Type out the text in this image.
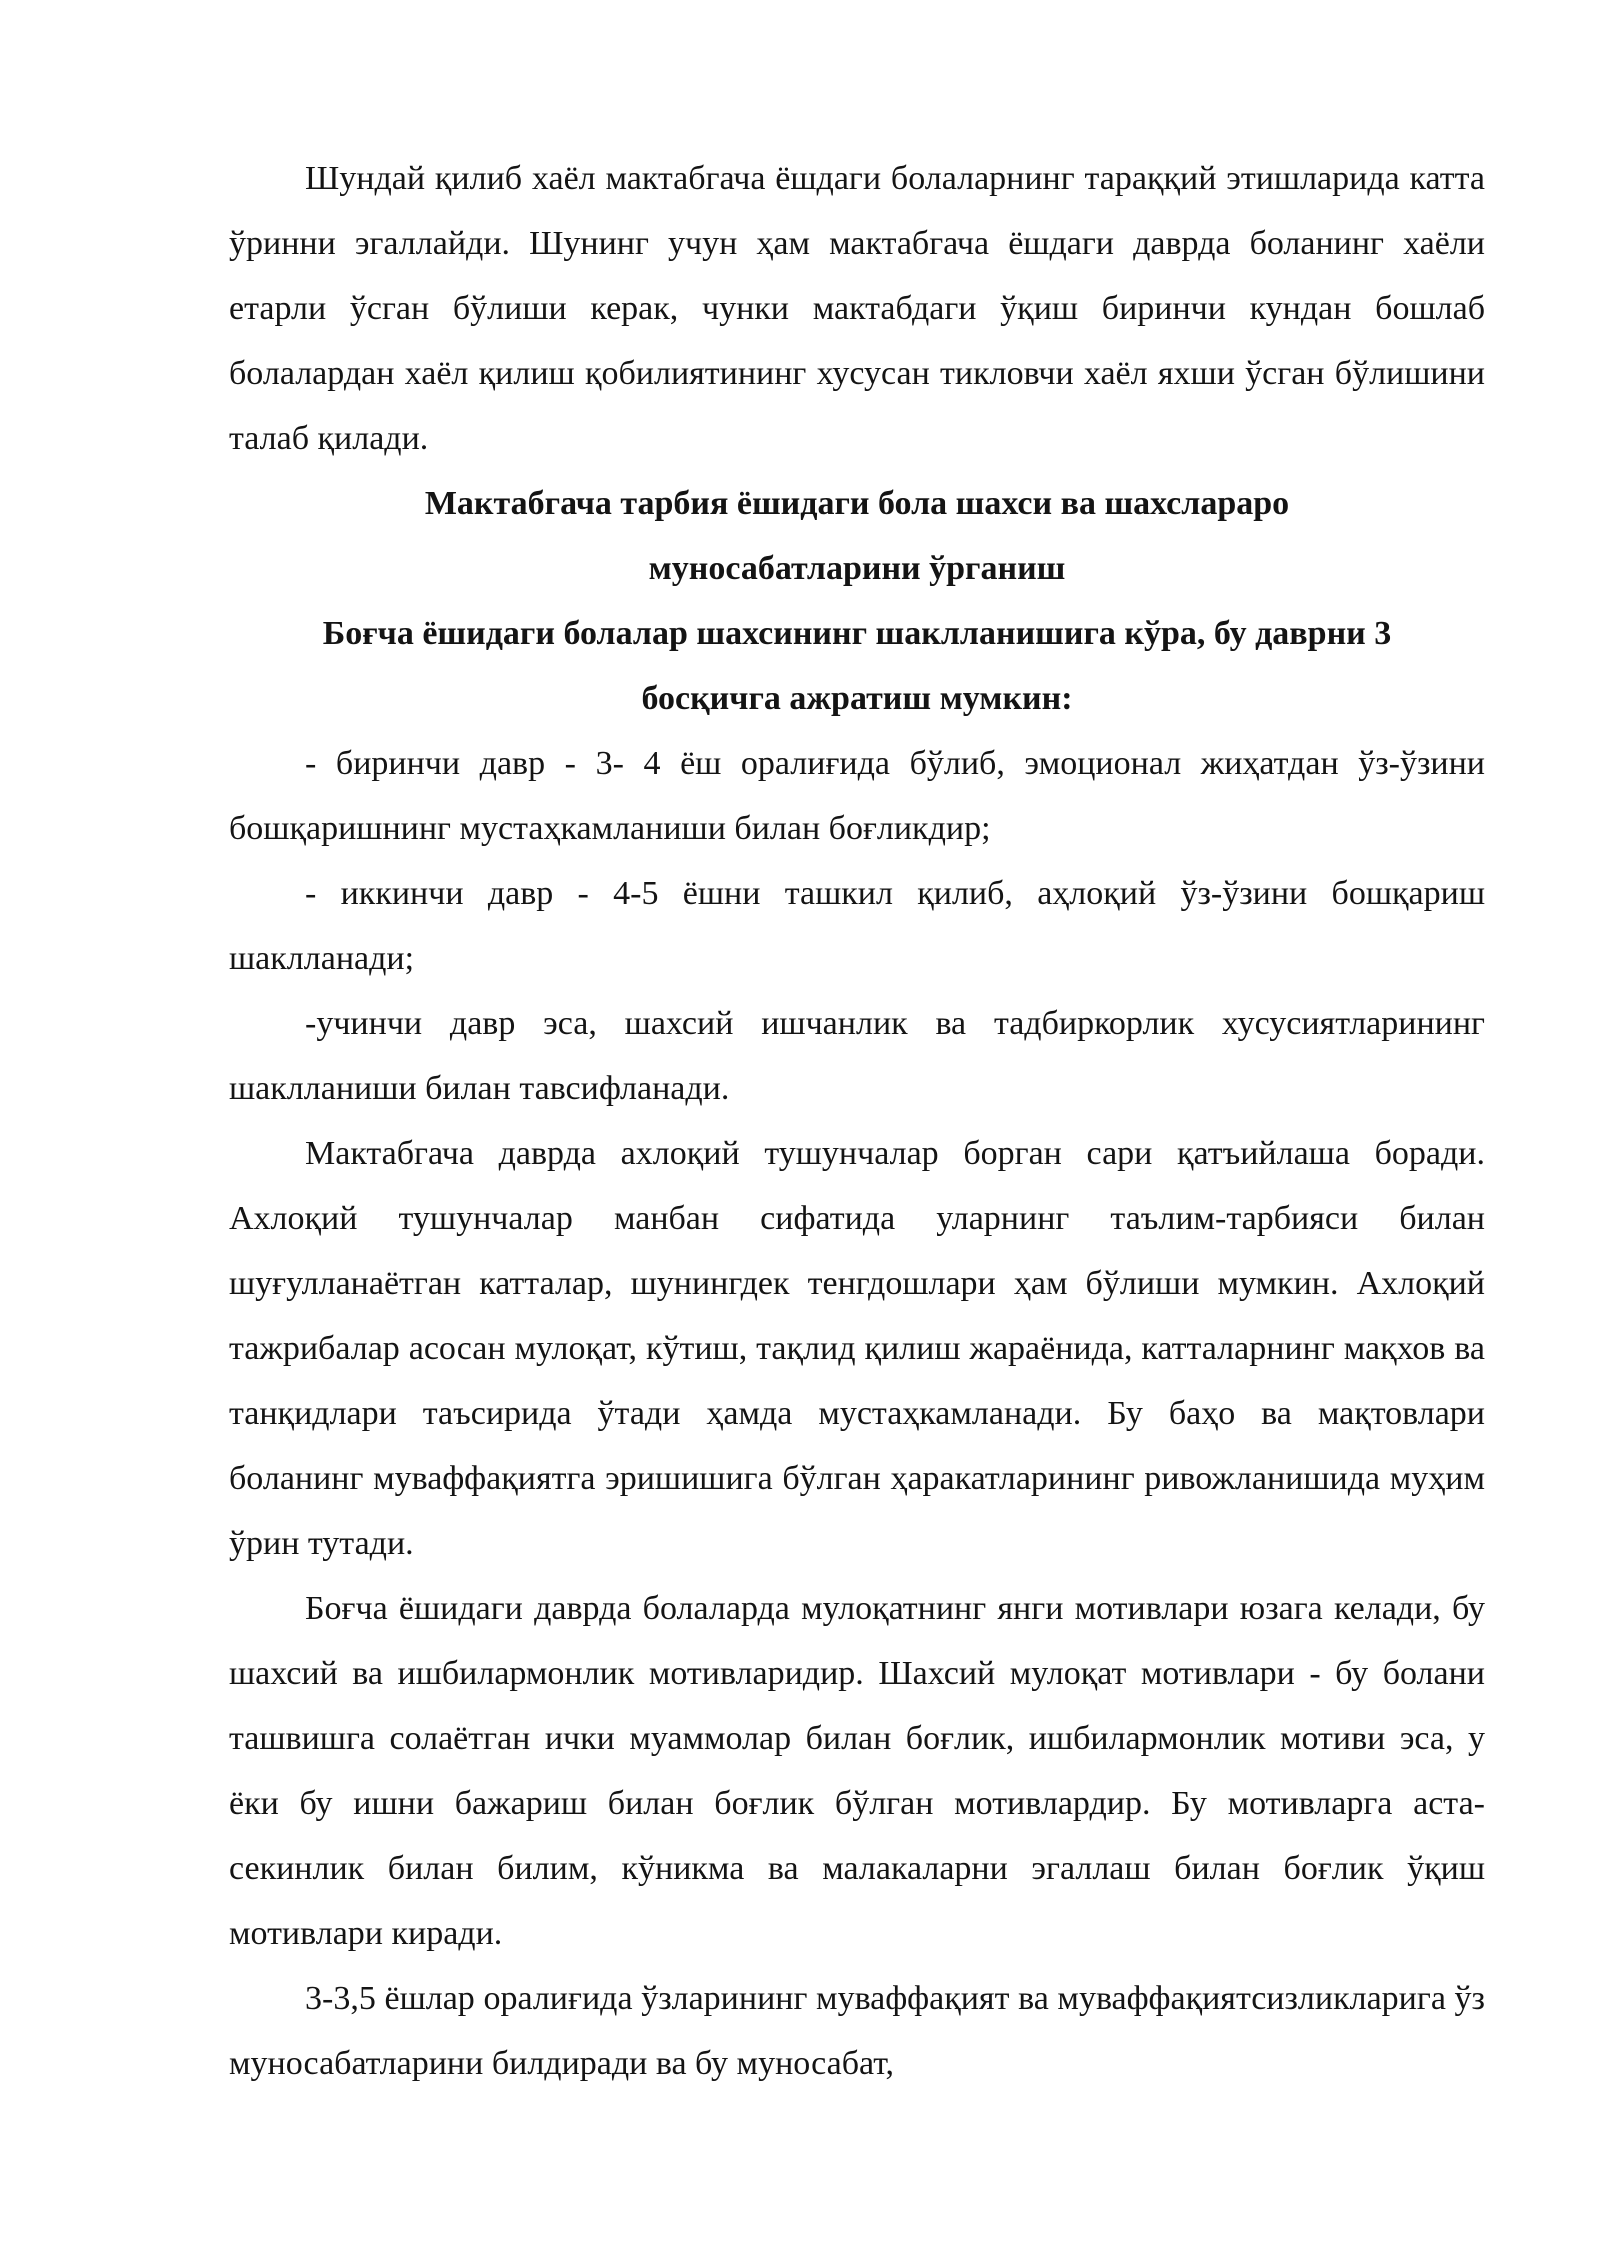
Шундай қилиб хаёл мактабгача ёшдаги болаларнинг тараққий этишларида катта ўринни эгаллайди. Шунинг учун ҳам мактабгача ёшдаги даврда боланинг хаёли етарли ўсган бўлиши керак, чунки мактабдаги ўқиш биринчи кундан бошлаб болалардан хаёл қилиш қобилиятининг хусусан тикловчи хаёл яхши ўсган бўлишини талаб қилади.

Мактабгача тарбия ёшидаги бола шахси ва шахслараро
муносабатларини ўрганиш

Боғча ёшидаги болалар шахсининг шаклланишига кўра, бу даврни 3
босқичга ажратиш мумкин:

- биринчи давр - 3- 4 ёш оралиғида бўлиб, эмоционал жиҳатдан ўз-ўзини бошқаришнинг мустаҳкамланиши билан боғликдир;

- иккинчи давр - 4-5 ёшни ташкил қилиб, аҳлоқий ўз-ўзини бошқариш шаклланади;

-учинчи давр эса, шахсий ишчанлик ва тадбиркорлик хусусиятларининг шаклланиши билан тавсифланади.

Мактабгача даврда ахлоқий тушунчалар борган сари қатъийлаша боради. Ахлоқий тушунчалар манбан сифатида уларнинг таълим-тарбияси билан шуғулланаётган катталар, шунингдек тенгдошлари ҳам бўлиши мумкин. Ахлоқий тажрибалар асосан мулоқат, кўтиш, тақлид қилиш жараёнида, катталарнинг мақхов ва танқидлари таъсирида ўтади ҳамда мустаҳкамланади. Бу баҳо ва мақтовлари боланинг муваффақиятга эришишига бўлган ҳаракатларининг ривожланишида муҳим ўрин тутади.

Боғча ёшидаги даврда болаларда мулоқатнинг янги мотивлари юзага келади, бу шахсий ва ишбилармонлик мотивларидир. Шахсий мулоқат мотивлари - бу болани ташвишга солаётган ички муаммолар билан боғлик, ишбилармонлик мотиви эса, у ёки бу ишни бажариш билан боғлик бўлган мотивлардир. Бу мотивларга аста-секинлик билан билим, кўникма ва малакаларни эгаллаш билан боғлик ўқиш мотивлари киради.

3-3,5 ёшлар оралиғида ўзларининг муваффақият ва муваффақиятсизликларига ўз муносабатларини билдиради ва бу муносабат,
